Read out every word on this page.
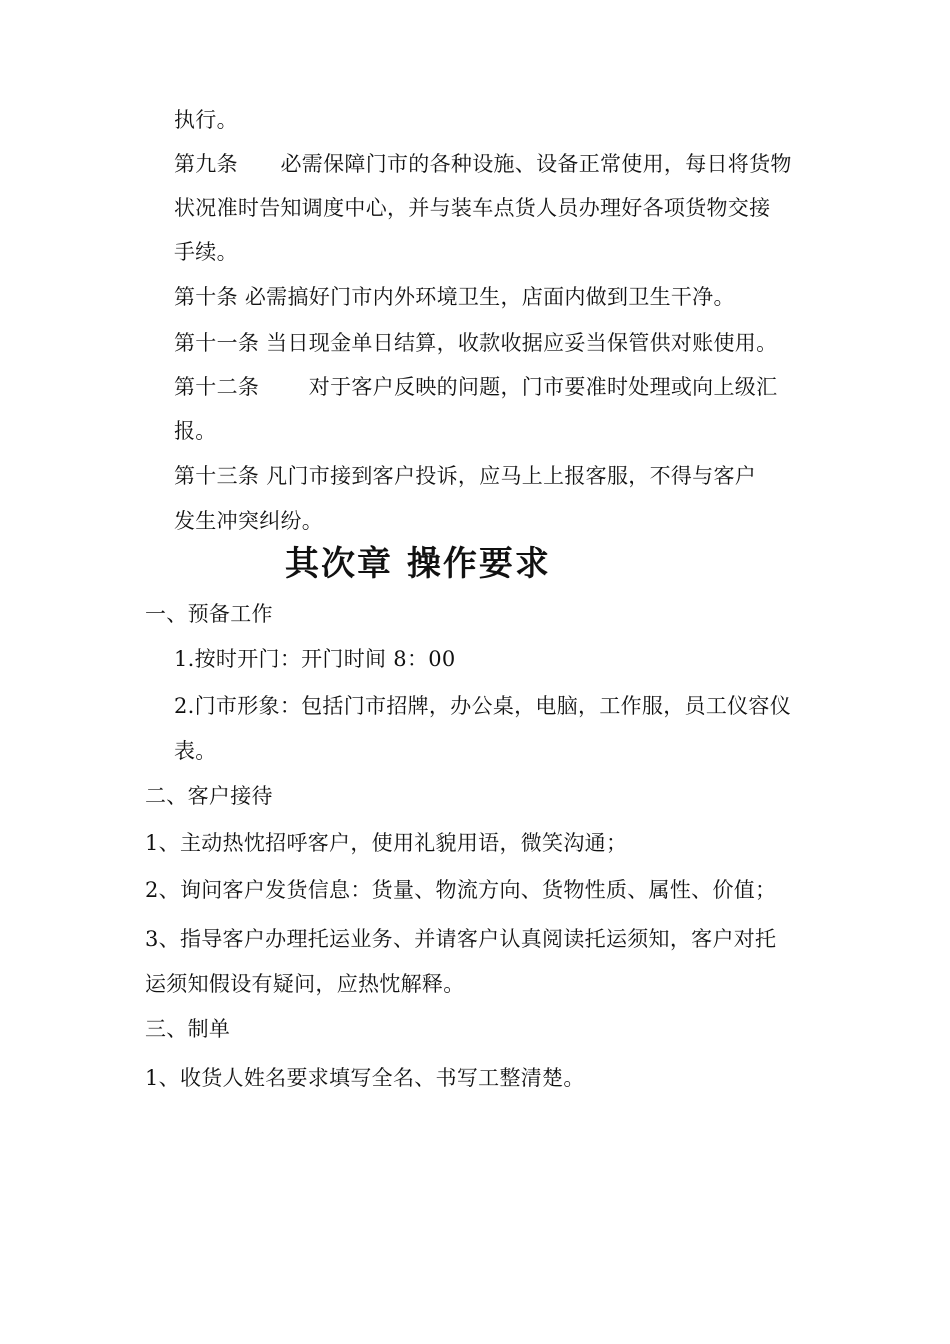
执行。
第九条　　必需保障门市的各种设施、设备正常使用，每日将货物
状况准时告知调度中心，并与装车点货人员办理好各项货物交接
手续。
第十条 必需搞好门市内外环境卫生，店面内做到卫生干净。
第十一条 当日现金单日结算，收款收据应妥当保管供对账使用。
第十二条　　 对于客户反映的问题，门市要准时处理或向上级汇
报。
第十三条 凡门市接到客户投诉，应马上上报客服，不得与客户
发生冲突纠纷。
其次章 操作要求
一、预备工作
1.按时开门：开门时间 8：00
2.门市形象：包括门市招牌，办公桌，电脑，工作服，员工仪容仪
表。
二、客户接待
1、主动热忱招呼客户，使用礼貌用语，微笑沟通；
2、询问客户发货信息：货量、物流方向、货物性质、属性、价值；
3、指导客户办理托运业务、并请客户认真阅读托运须知，客户对托
运须知假设有疑问，应热忱解释。
三、制单
1、收货人姓名要求填写全名、书写工整清楚。
